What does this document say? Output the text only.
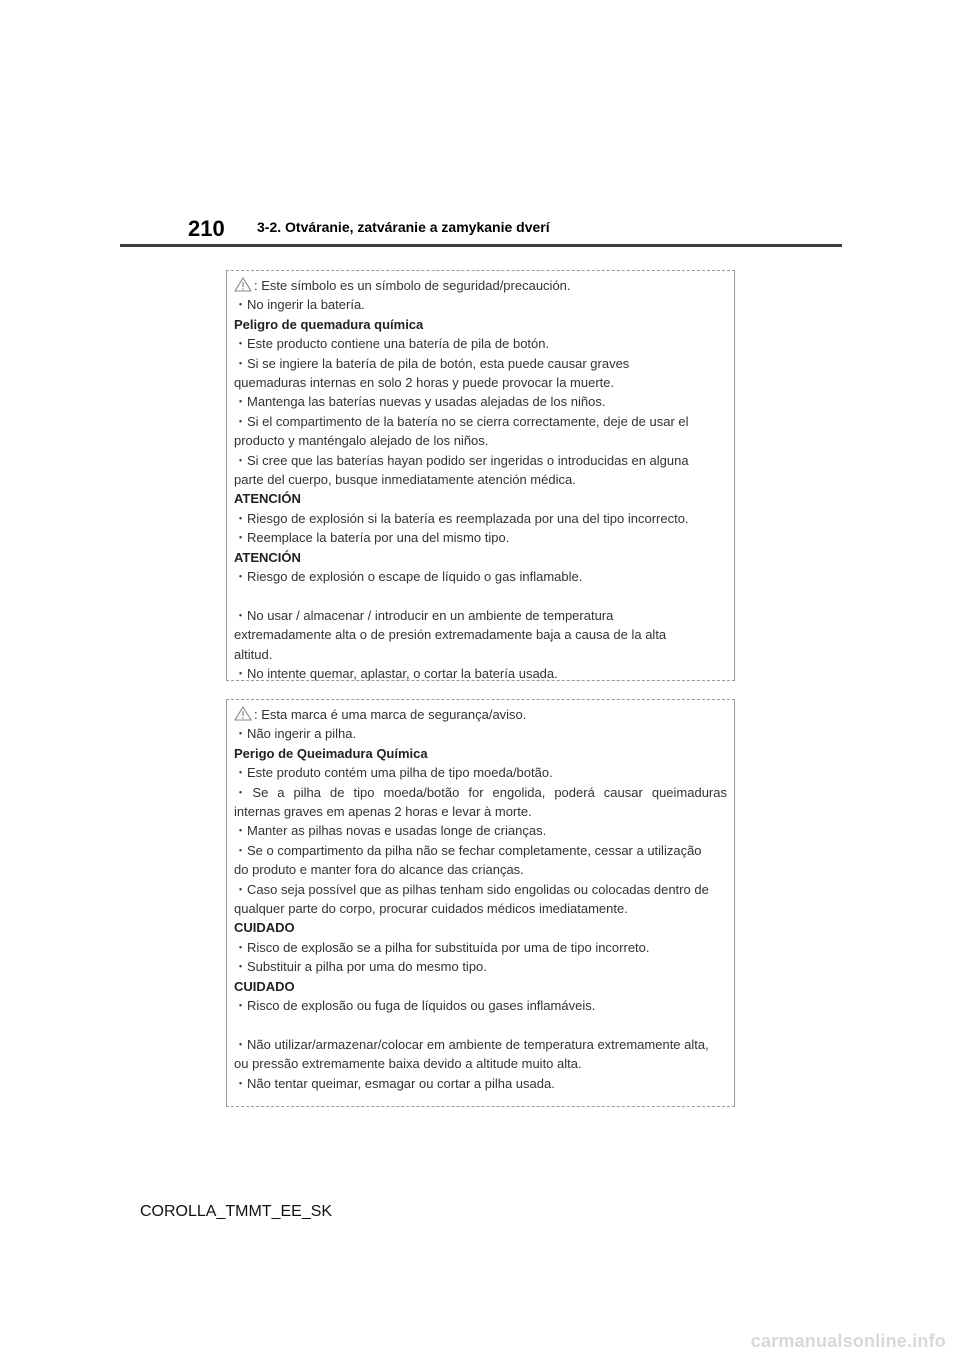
210 3-2. Otváranie, zatváranie a zamykanie dverí
: Este símbolo es un símbolo de seguridad/precaución.
・No ingerir la batería.
Peligro de quemadura química
・Este producto contiene una batería de pila de botón.
・Si se ingiere la batería de pila de botón, esta puede causar graves
quemaduras internas en solo 2 horas y puede provocar la muerte.
・Mantenga las baterías nuevas y usadas alejadas de los niños.
・Si el compartimento de la batería no se cierra correctamente, deje de usar el
producto y manténgalo alejado de los niños.
・Si cree que las baterías hayan podido ser ingeridas o introducidas en alguna
parte del cuerpo, busque inmediatamente atención médica.
ATENCIÓN
・Riesgo de explosión si la batería es reemplazada por una del tipo incorrecto.
・Reemplace la batería por una del mismo tipo.
ATENCIÓN
・Riesgo de explosión o escape de líquido o gas inflamable.
・No usar / almacenar / introducir en un ambiente de temperatura
extremadamente alta o de presión extremadamente baja a causa de la alta
altitud.
・No intente quemar, aplastar, o cortar la batería usada.
: Esta marca é uma marca de segurança/aviso.
・Não ingerir a pilha.
Perigo de Queimadura Química
・Este produto contém uma pilha de tipo moeda/botão.
・Se a pilha de tipo moeda/botão for engolida, poderá causar queimaduras
internas graves em apenas 2 horas e levar à morte.
・Manter as pilhas novas e usadas longe de crianças.
・Se o compartimento da pilha não se fechar completamente, cessar a utilização
do produto e manter fora do alcance das crianças.
・Caso seja possível que as pilhas tenham sido engolidas ou colocadas dentro de
qualquer parte do corpo, procurar cuidados médicos imediatamente.
CUIDADO
・Risco de explosão se a pilha for substituída por uma de tipo incorreto.
・Substituir a pilha por uma do mesmo tipo.
CUIDADO
・Risco de explosão ou fuga de líquidos ou gases inflamáveis.
・Não utilizar/armazenar/colocar em ambiente de temperatura extremamente alta,
ou pressão extremamente baixa devido a altitude muito alta.
・Não tentar queimar, esmagar ou cortar a pilha usada.
COROLLA_TMMT_EE_SK
carmanualsonline.info
